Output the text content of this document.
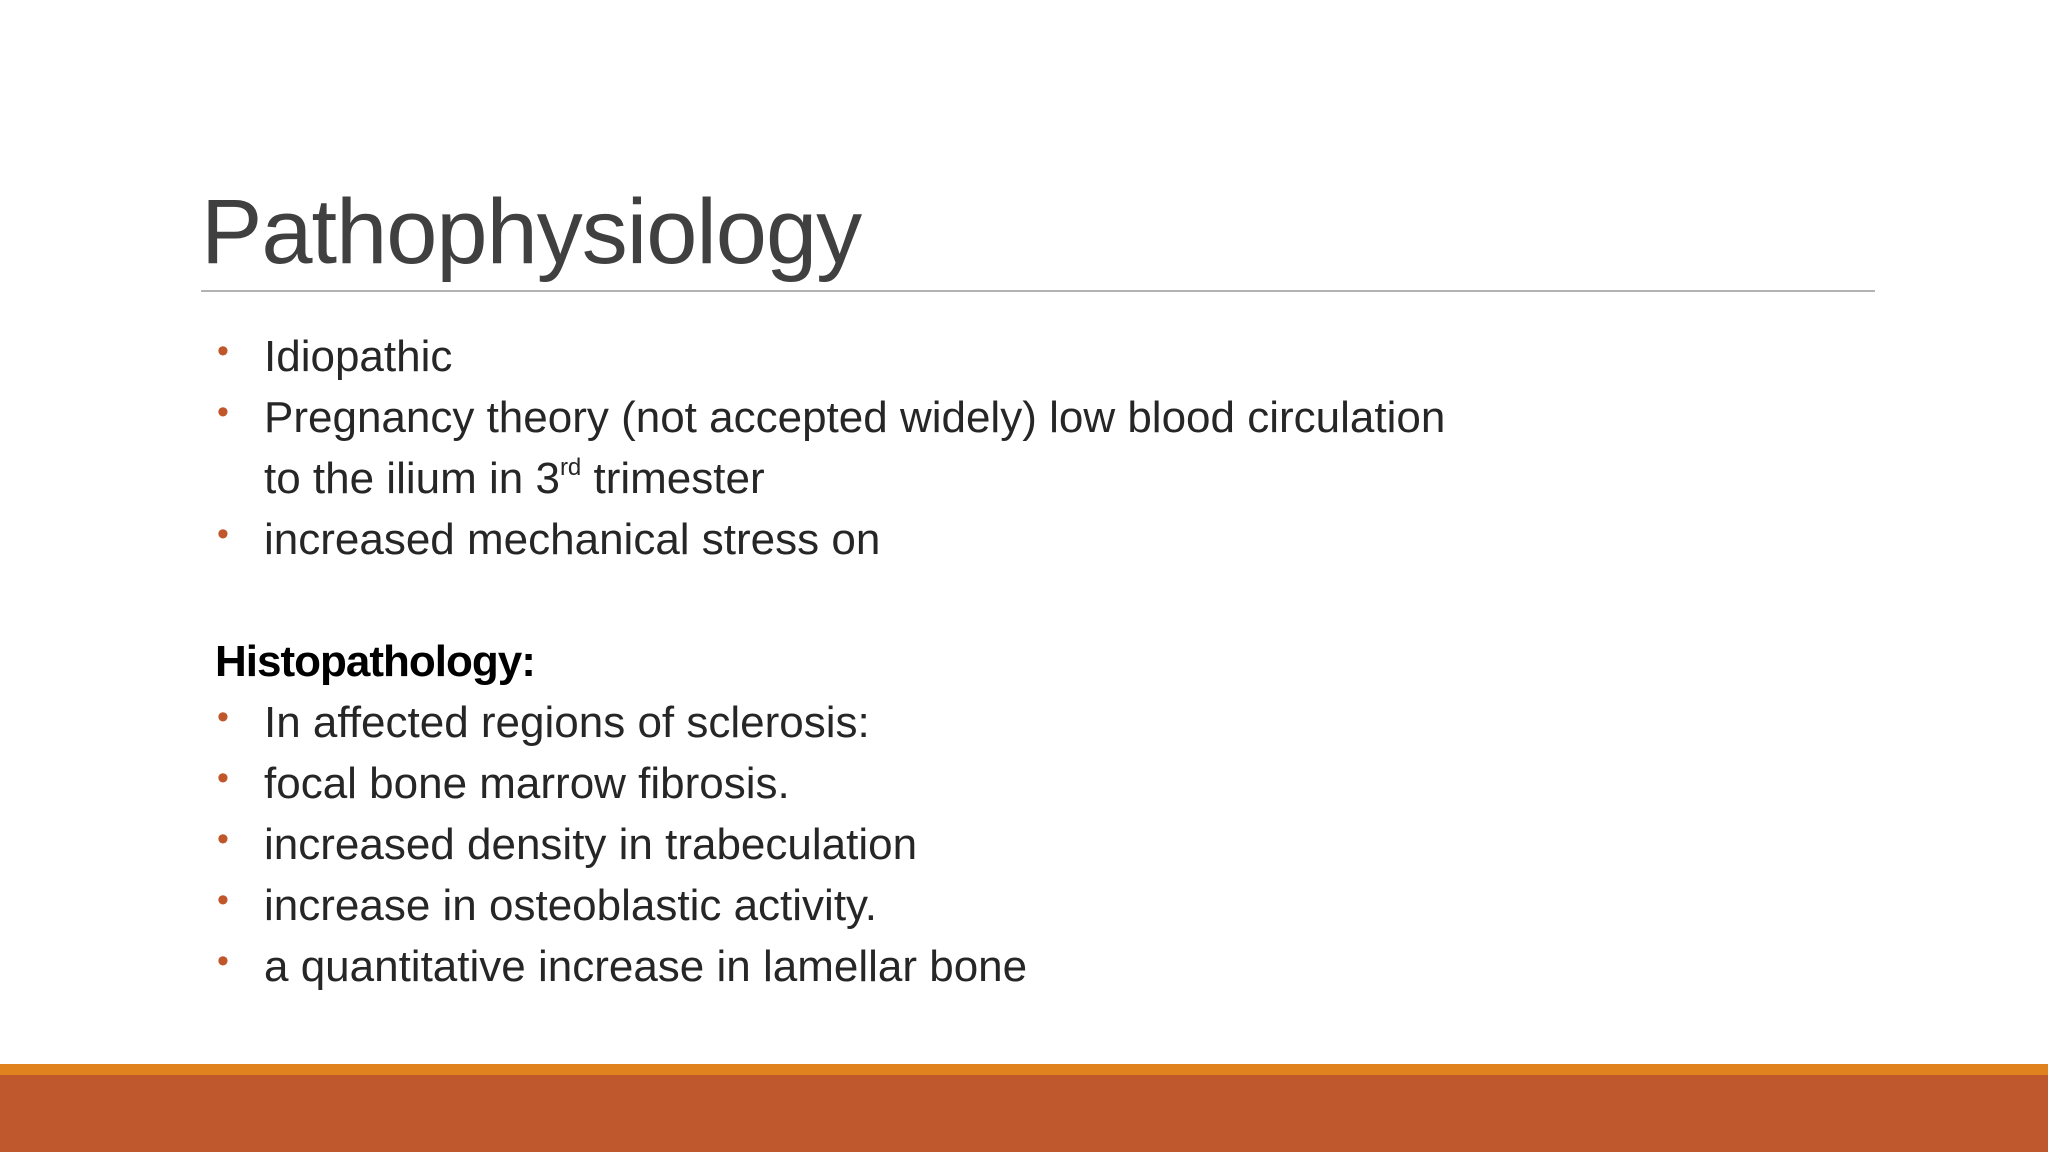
Pathophysiology
• Idiopathic
• Pregnancy theory (not accepted widely) low blood circulation
to the ilium in 3rd trimester
• increased mechanical stress on
Histopathology:
• In affected regions of sclerosis:
• focal bone marrow fibrosis.
• increased density in trabeculation
• increase in osteoblastic activity.
• a quantitative increase in lamellar bone
